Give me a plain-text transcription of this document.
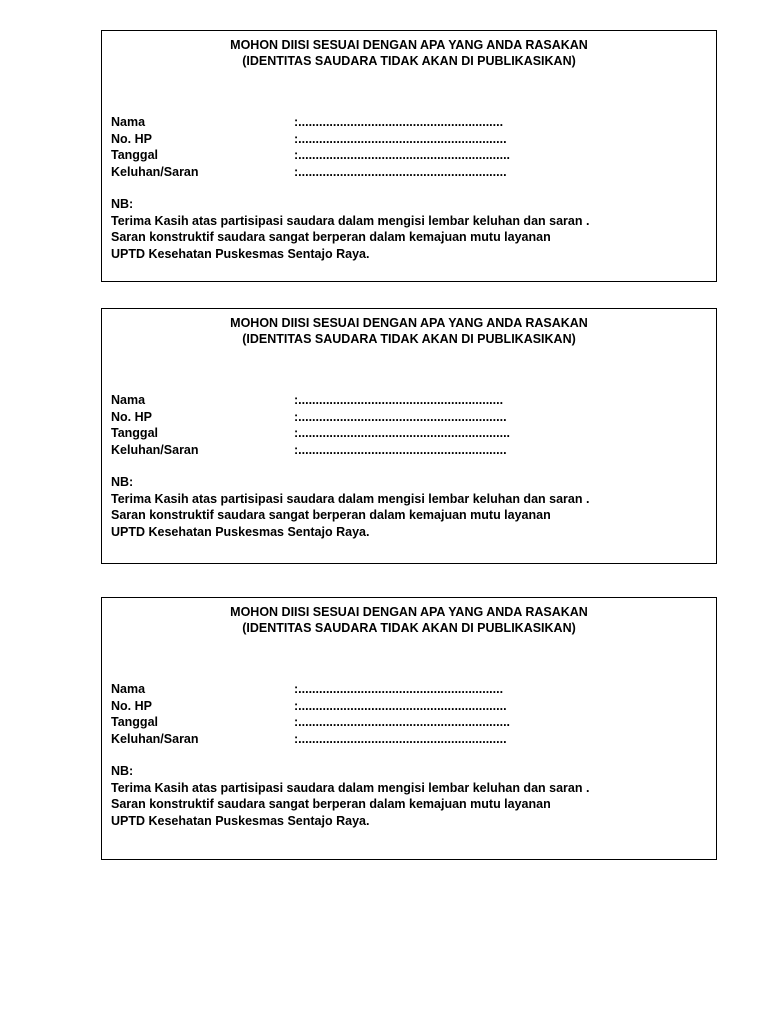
MOHON DIISI SESUAI DENGAN APA YANG ANDA RASAKAN
(IDENTITAS SAUDARA TIDAK AKAN DI PUBLIKASIKAN)
Nama	:...........................................................
No. HP	:............................................................
Tanggal	:.............................................................
Keluhan/Saran	:............................................................
NB:
Terima Kasih atas partisipasi saudara dalam mengisi lembar keluhan dan saran .
Saran konstruktif saudara sangat berperan dalam kemajuan mutu layanan
UPTD Kesehatan Puskesmas Sentajo Raya.
MOHON DIISI SESUAI DENGAN APA YANG ANDA RASAKAN
(IDENTITAS SAUDARA TIDAK AKAN DI PUBLIKASIKAN)
Nama	:...........................................................
No. HP	:............................................................
Tanggal	:.............................................................
Keluhan/Saran	:............................................................
NB:
Terima Kasih atas partisipasi saudara dalam mengisi lembar keluhan dan saran .
Saran konstruktif saudara sangat berperan dalam kemajuan mutu layanan
UPTD Kesehatan Puskesmas Sentajo Raya.
MOHON DIISI SESUAI DENGAN APA YANG ANDA RASAKAN
(IDENTITAS SAUDARA TIDAK AKAN DI PUBLIKASIKAN)
Nama	:...........................................................
No. HP	:............................................................
Tanggal	:.............................................................
Keluhan/Saran	:............................................................
NB:
Terima Kasih atas partisipasi saudara dalam mengisi lembar keluhan dan saran .
Saran konstruktif saudara sangat berperan dalam kemajuan mutu layanan
UPTD Kesehatan Puskesmas Sentajo Raya.
